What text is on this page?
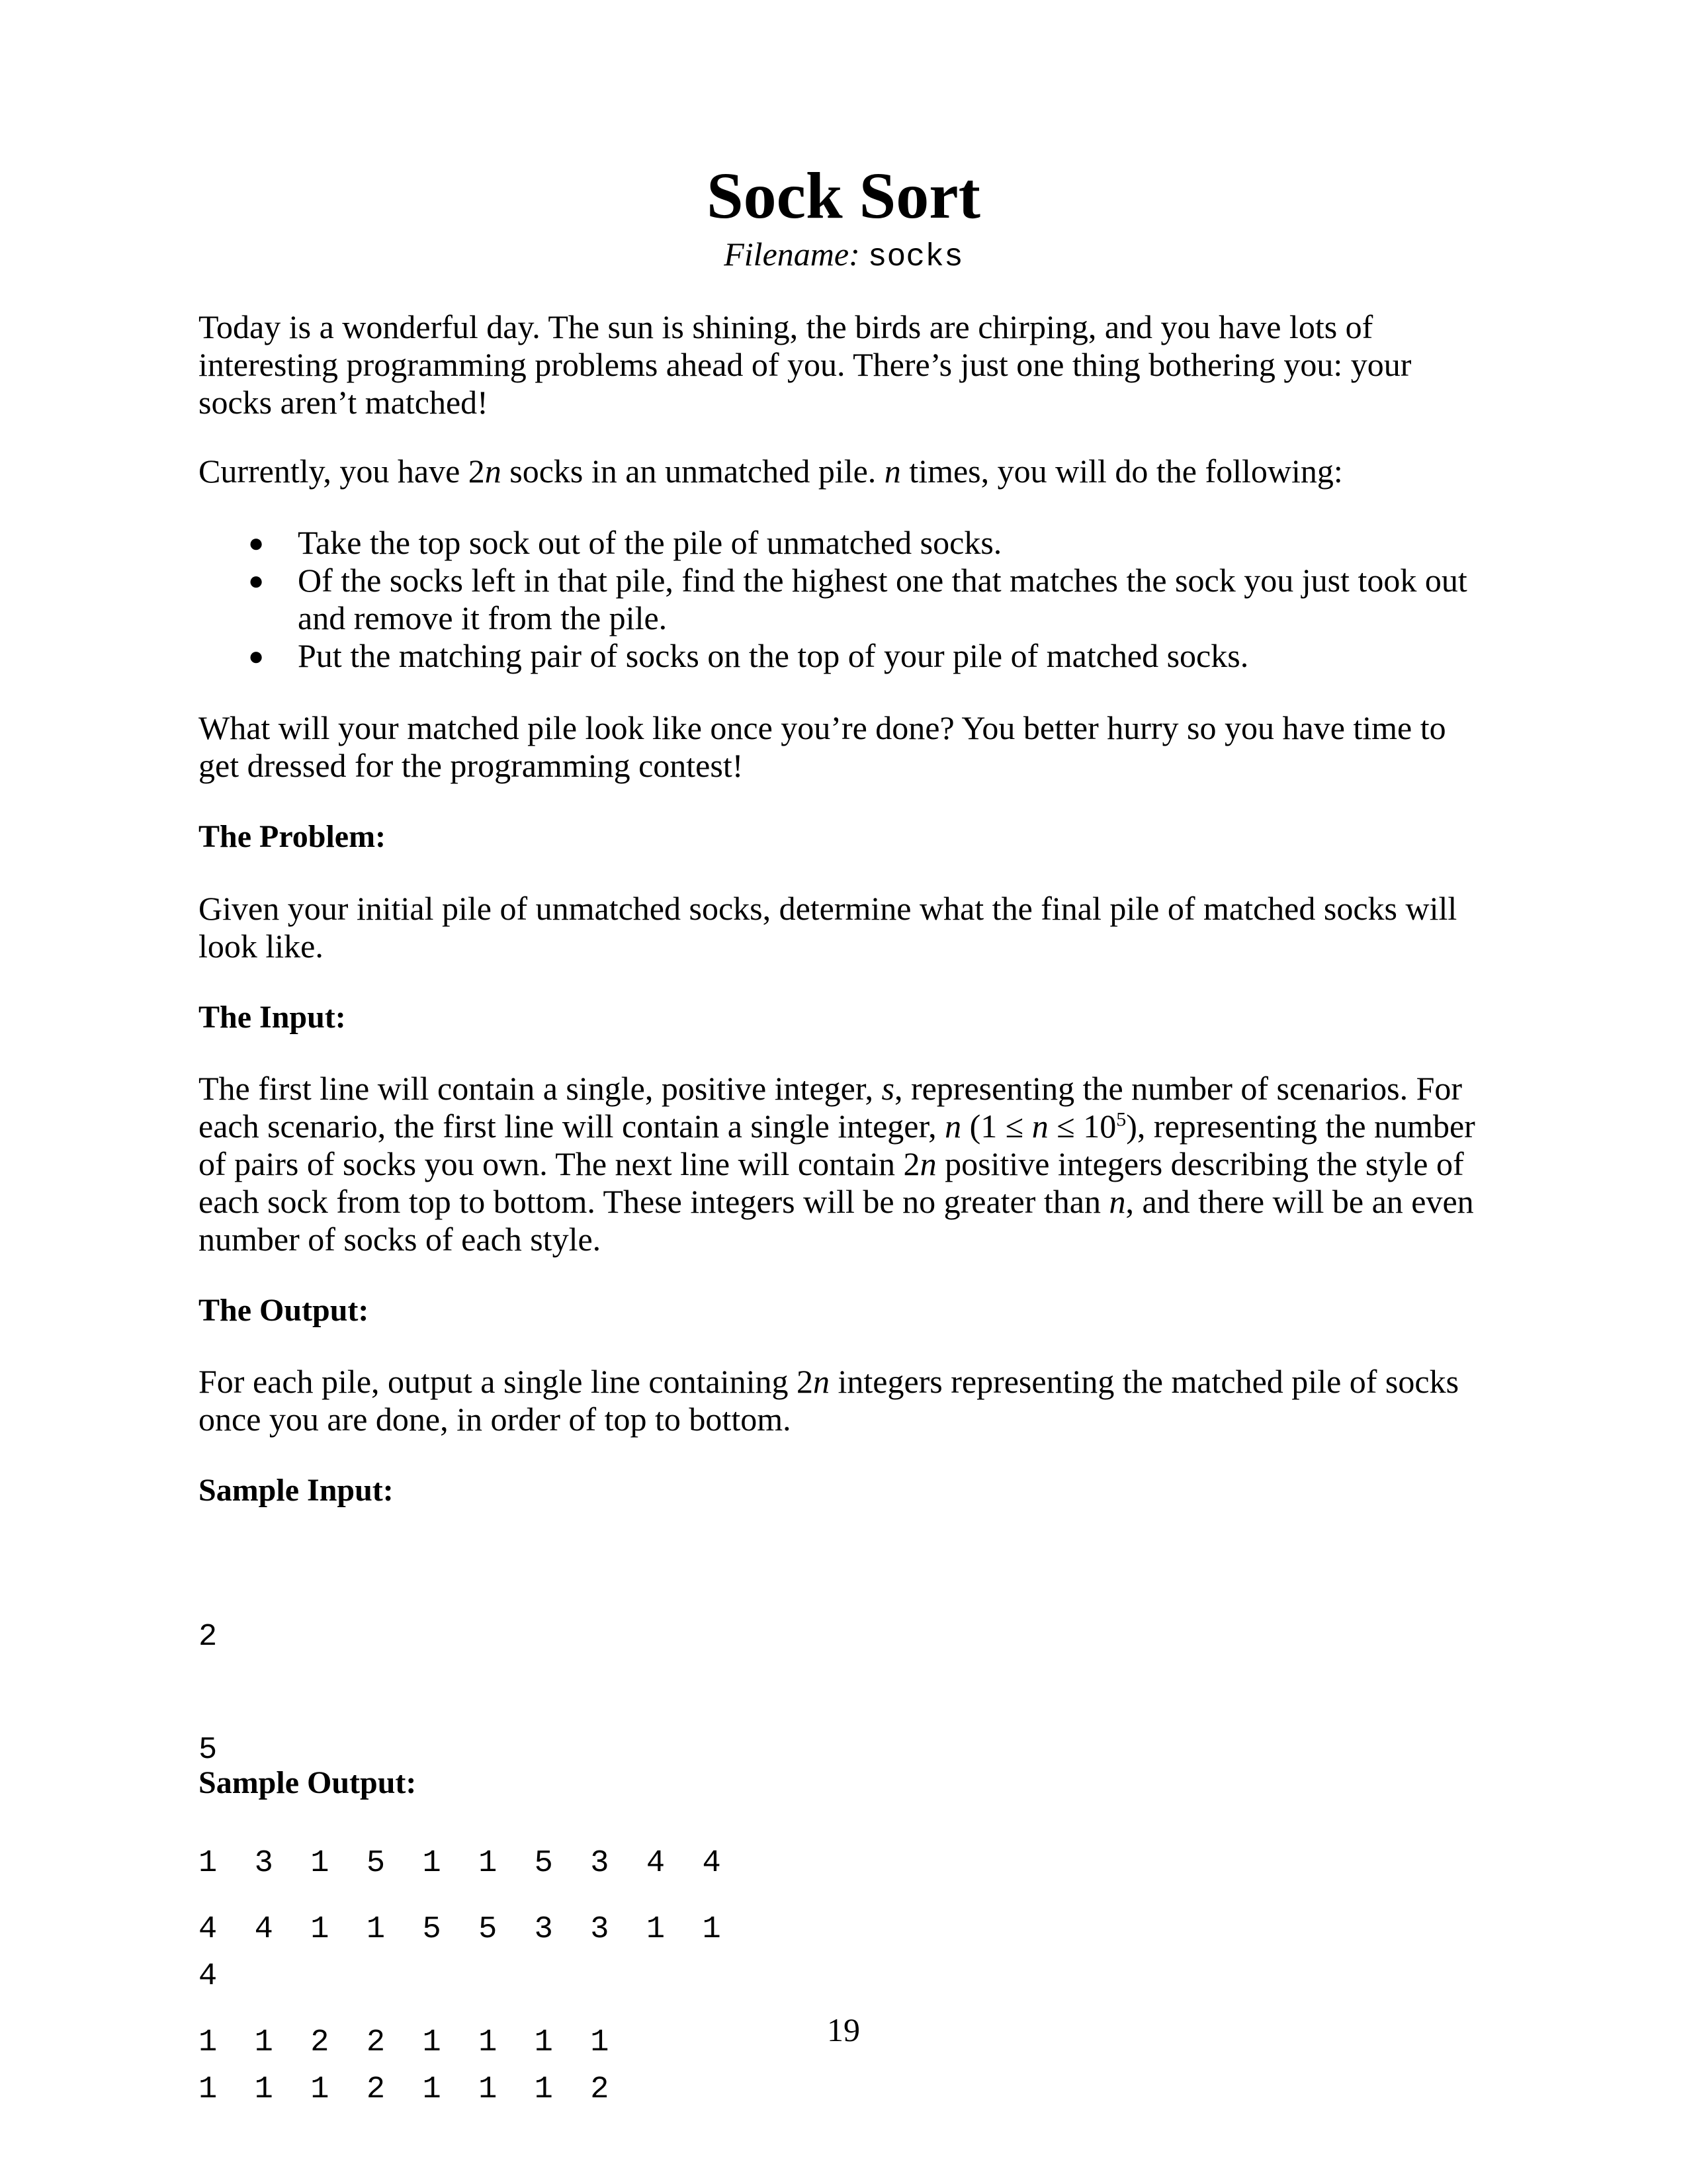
Sock Sort
Filename: socks

Today is a wonderful day. The sun is shining, the birds are chirping, and you have lots of interesting programming problems ahead of you. There’s just one thing bothering you: your socks aren’t matched!

Currently, you have 2n socks in an unmatched pile. n times, you will do the following:

● Take the top sock out of the pile of unmatched socks.
● Of the socks left in that pile, find the highest one that matches the sock you just took out and remove it from the pile.
● Put the matching pair of socks on the top of your pile of matched socks.

What will your matched pile look like once you’re done? You better hurry so you have time to get dressed for the programming contest!

The Problem:

Given your initial pile of unmatched socks, determine what the final pile of matched socks will look like.

The Input:

The first line will contain a single, positive integer, s, representing the number of scenarios. For each scenario, the first line will contain a single integer, n $(1 \le n \le 10^5)$, representing the number of pairs of socks you own. The next line will contain 2n positive integers describing the style of each sock from top to bottom. These integers will be no greater than n, and there will be an even number of socks of each style.

The Output:

For each pile, output a single line containing 2n integers representing the matched pile of socks once you are done, in order of top to bottom.

Sample Input:

2

5

1  3  1  5  1  1  5  3  4  4

4

1  1  1  2  1  1  1  2

Sample Output:

4  4  1  1  5  5  3  3  1  1

1  1  2  2  1  1  1  1

	19
